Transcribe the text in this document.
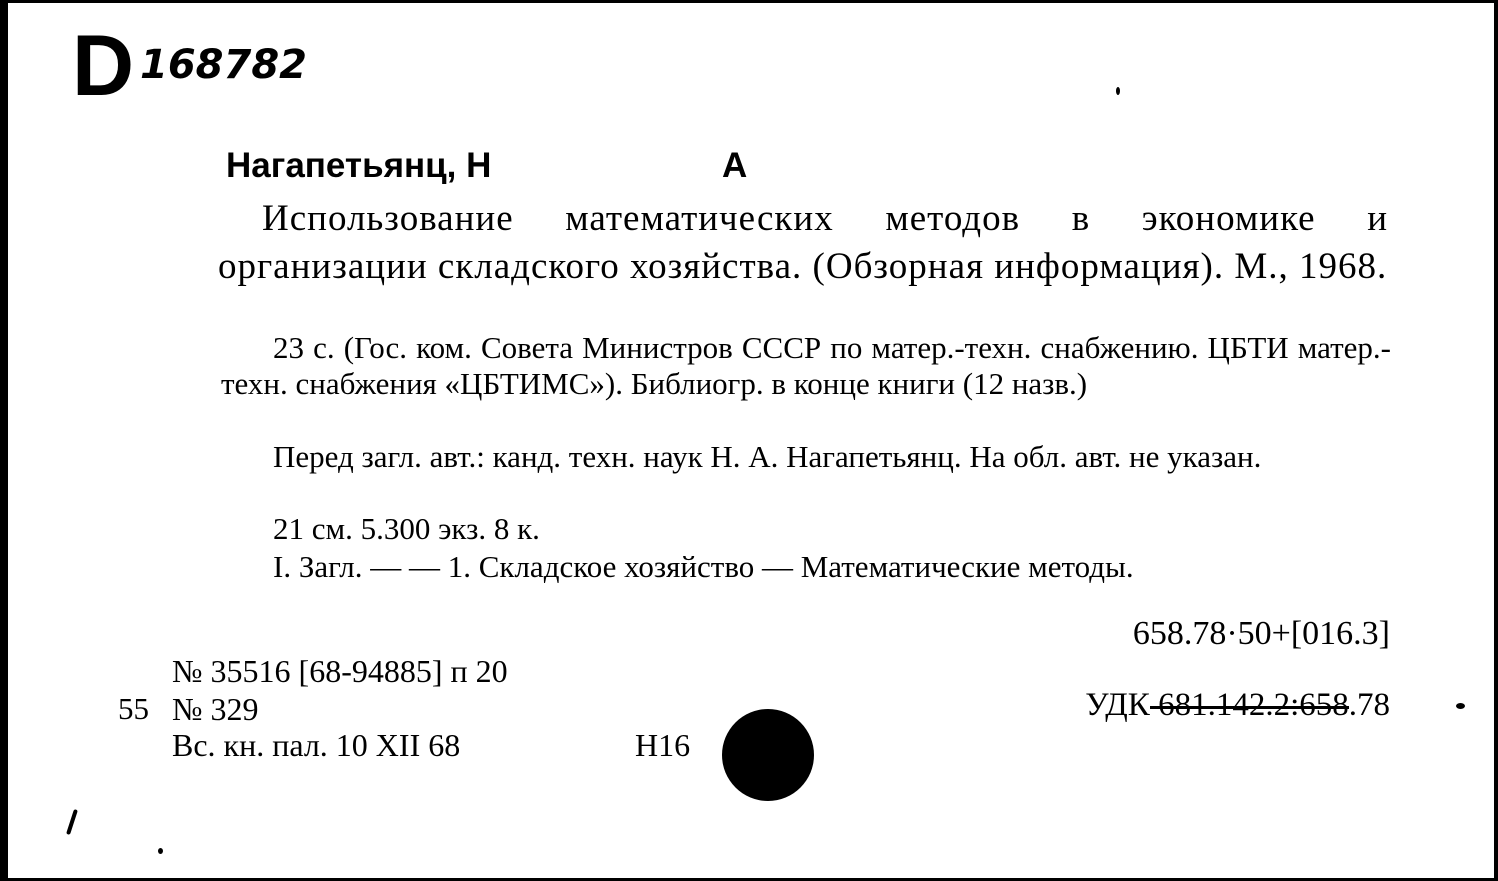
D 168782
Нагапетьянц, Н	А
Использование математических методов в экономике и организации складского хозяйства. (Обзорная информация). М., 1968.
23 с. (Гос. ком. Совета Министров СССР по матер.-техн. снабжению. ЦБТИ матер.-техн. снабжения «ЦБТИМС»). Библиогр. в конце книги (12 назв.)
Перед загл. авт.: канд. техн. наук Н. А. Нагапетьянц. На обл. авт. не указан.
21 см. 5.300 экз. 8 к.
I. Загл. — — 1. Складское хозяйство — Математические методы.
658.78·50+[016.3]
№ 35516 [68-94885] п 20
55 № 329
Вс. кн. пал. 10 XII 68	Н16
УДК 681.142.2:658.78
